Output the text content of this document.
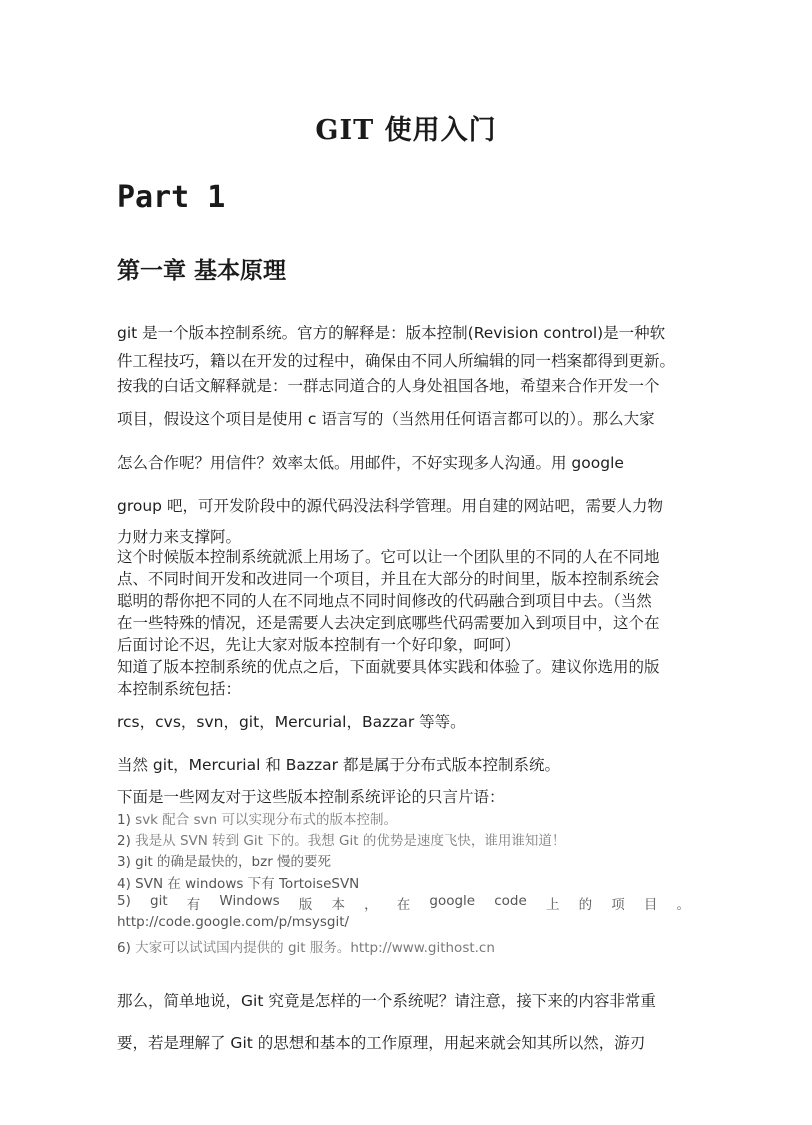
GIT 使用入门
Part 1
第一章 基本原理
git 是一个版本控制系统。官方的解释是：版本控制(Revision control)是一种软
件工程技巧，籍以在开发的过程中，确保由不同人所编辑的同一档案都得到更新。
按我的白话文解释就是：一群志同道合的人身处祖国各地，希望来合作开发一个
项目，假设这个项目是使用 c 语言写的（当然用任何语言都可以的）。那么大家
怎么合作呢？用信件？效率太低。用邮件，不好实现多人沟通。用 google
group 吧，可开发阶段中的源代码没法科学管理。用自建的网站吧，需要人力物
力财力来支撑阿。
这个时候版本控制系统就派上用场了。它可以让一个团队里的不同的人在不同地
点、不同时间开发和改进同一个项目，并且在大部分的时间里，版本控制系统会
聪明的帮你把不同的人在不同地点不同时间修改的代码融合到项目中去。（当然
在一些特殊的情况，还是需要人去决定到底哪些代码需要加入到项目中，这个在
后面讨论不迟，先让大家对版本控制有一个好印象，呵呵）
知道了版本控制系统的优点之后，下面就要具体实践和体验了。建议你选用的版
本控制系统包括：
rcs，cvs，svn，git，Mercurial，Bazzar 等等。
当然 git，Mercurial 和 Bazzar 都是属于分布式版本控制系统。
下面是一些网友对于这些版本控制系统评论的只言片语：
1) svk 配合 svn 可以实现分布式的版本控制。
2) 我是从 SVN 转到 Git 下的。我想 Git 的优势是速度飞快，谁用谁知道！
3) git 的确是最快的，bzr 慢的要死
4) SVN 在 windows 下有 TortoiseSVN
5) git 有 Windows 版 本 ， 在 google code 上 的 项 目 。
http://code.google.com/p/msysgit/
6) 大家可以试试国内提供的 git 服务。http://www.githost.cn
那么，简单地说，Git 究竟是怎样的一个系统呢？请注意，接下来的内容非常重
要，若是理解了 Git 的思想和基本的工作原理，用起来就会知其所以然，游刃
